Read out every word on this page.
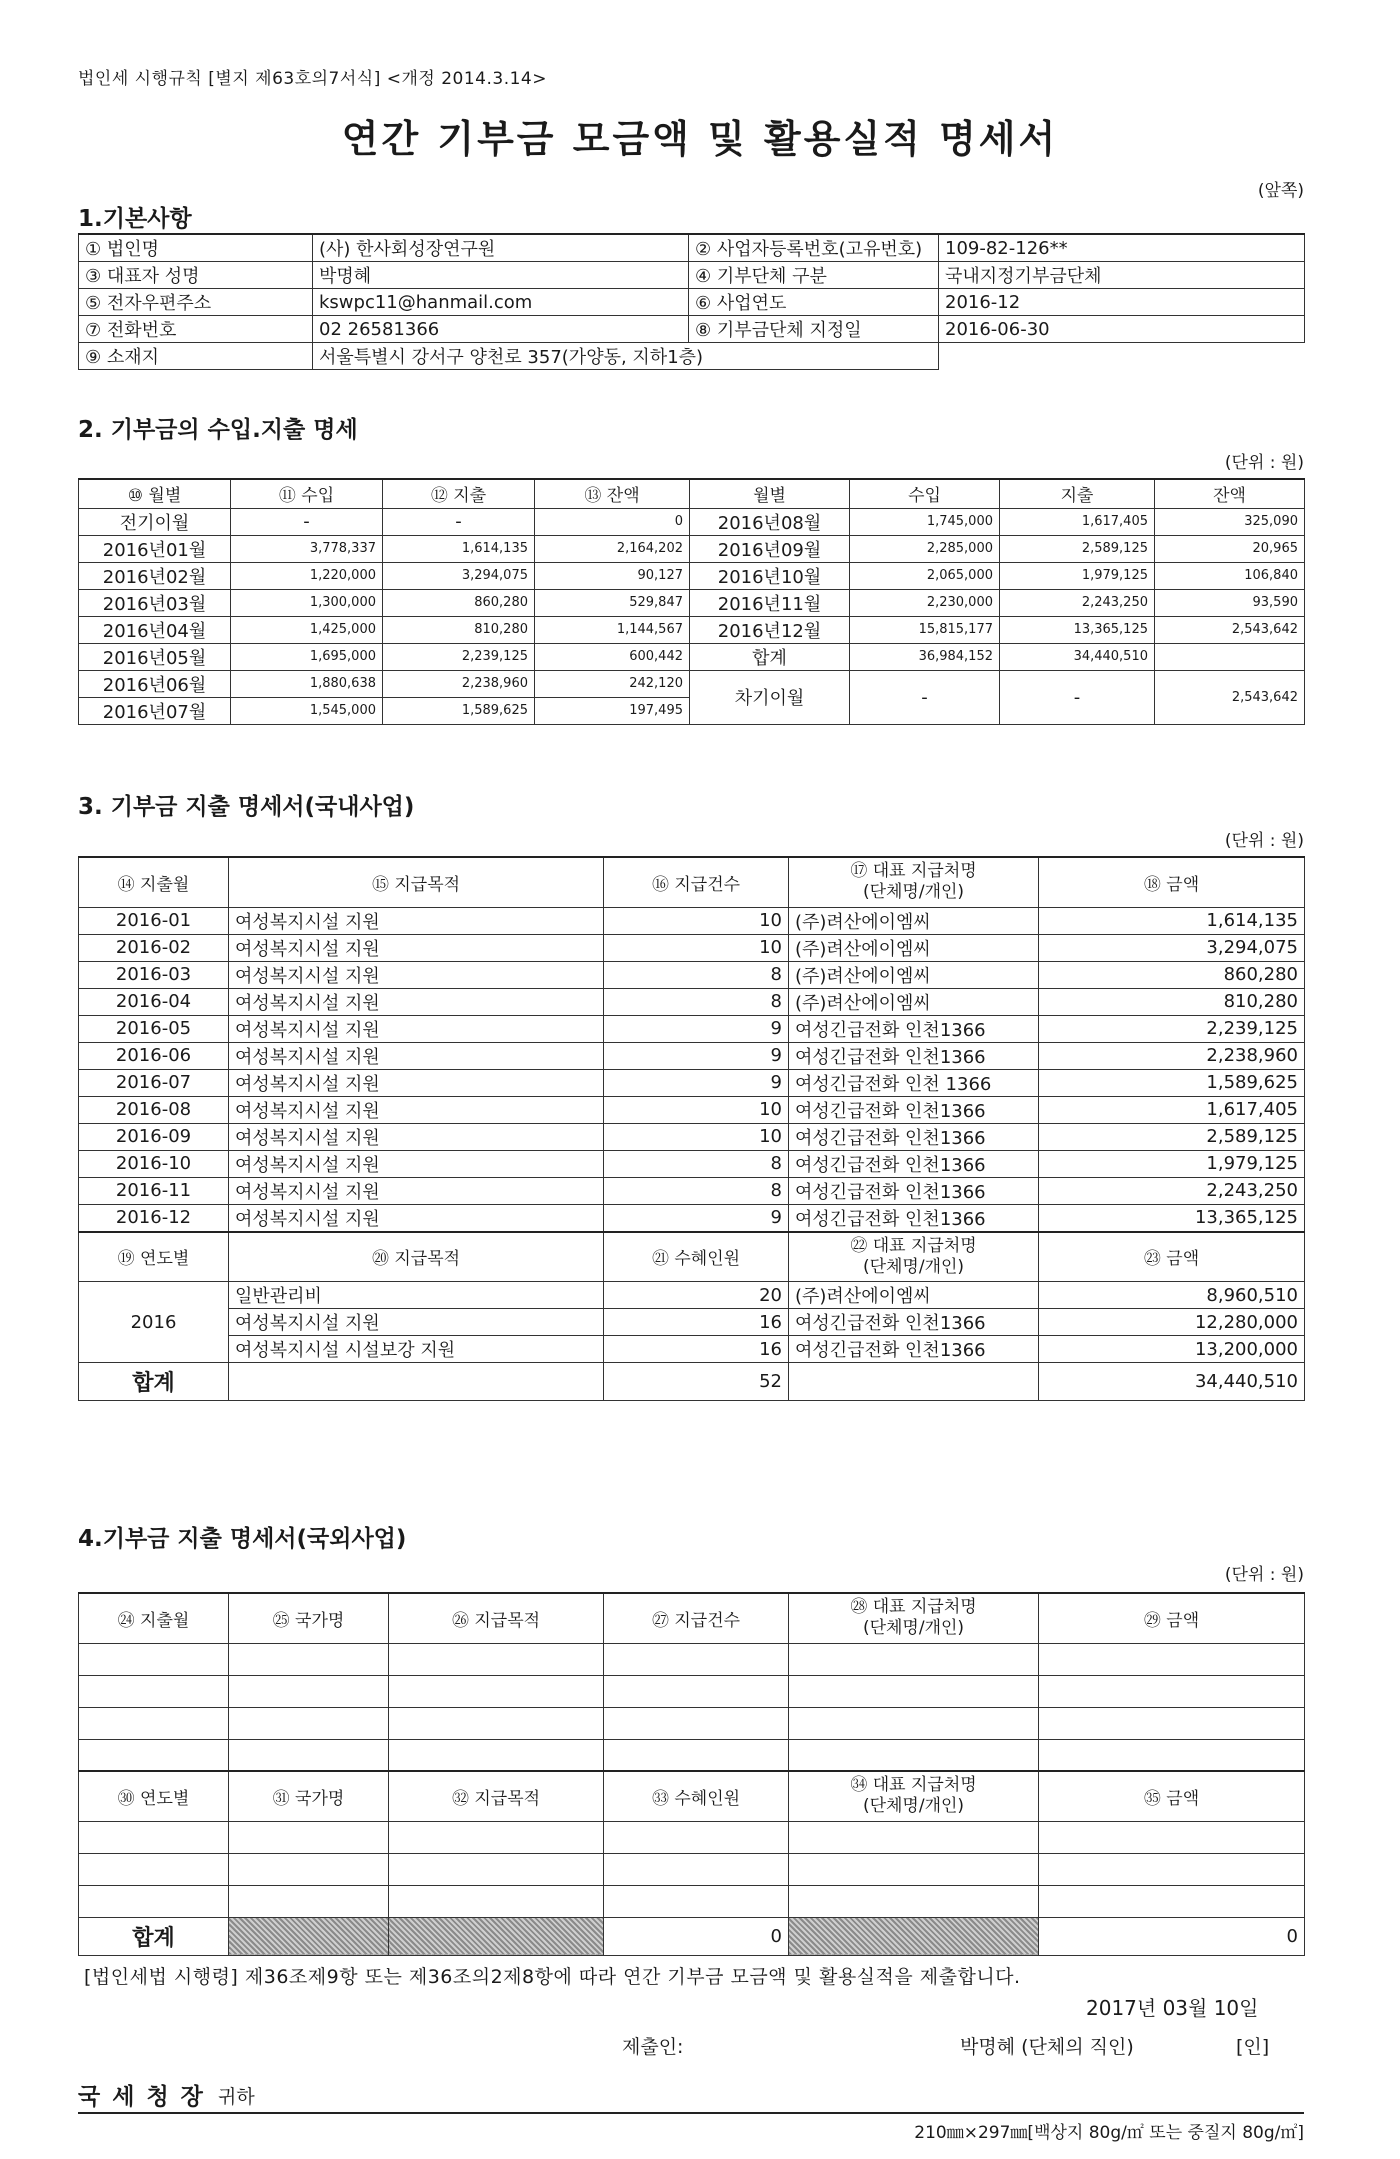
법인세 시행규칙 [별지 제63호의7서식] <개정 2014.3.14>
연간 기부금 모금액 및 활용실적 명세서
(앞쪽)
1.기본사항
① 법인명	(사) 한사회성장연구원	② 사업자등록번호(고유번호)	109-82-126**
③ 대표자 성명	박명혜	④ 기부단체 구분	국내지정기부금단체
⑤ 전자우편주소	kswpc11@hanmail.com	⑥ 사업연도	2016-12
⑦ 전화번호	02 26581366	⑧ 기부금단체 지정일	2016-06-30
⑨ 소재지	서울특별시 강서구 양천로 357(가양동, 지하1층)		
2. 기부금의 수입.지출 명세
(단위 : 원)
⑩ 월별	⑪ 수입	⑫ 지출	⑬ 잔액	월별	수입	지출	잔액
전기이월	-	-	0	2016년08월	1,745,000	1,617,405	325,090
2016년01월	3,778,337	1,614,135	2,164,202	2016년09월	2,285,000	2,589,125	20,965
2016년02월	1,220,000	3,294,075	90,127	2016년10월	2,065,000	1,979,125	106,840
2016년03월	1,300,000	860,280	529,847	2016년11월	2,230,000	2,243,250	93,590
2016년04월	1,425,000	810,280	1,144,567	2016년12월	15,815,177	13,365,125	2,543,642
2016년05월	1,695,000	2,239,125	600,442	합계	36,984,152	34,440,510	
2016년06월	1,880,638	2,238,960	242,120	차기이월	-	-	2,543,642
2016년07월	1,545,000	1,589,625	197,495				
3. 기부금 지출 명세서(국내사업)
(단위 : 원)
⑭ 지출월	⑮ 지급목적	⑯ 지급건수	⑰ 대표 지급처명
(단체명/개인)	⑱ 금액
2016-01	여성복지시설 지원	10	(주)려산에이엠씨	1,614,135
2016-02	여성복지시설 지원	10	(주)려산에이엠씨	3,294,075
2016-03	여성복지시설 지원	8	(주)려산에이엠씨	860,280
2016-04	여성복지시설 지원	8	(주)려산에이엠씨	810,280
2016-05	여성복지시설 지원	9	여성긴급전화 인천1366	2,239,125
2016-06	여성복지시설 지원	9	여성긴급전화 인천1366	2,238,960
2016-07	여성복지시설 지원	9	여성긴급전화 인천 1366	1,589,625
2016-08	여성복지시설 지원	10	여성긴급전화 인천1366	1,617,405
2016-09	여성복지시설 지원	10	여성긴급전화 인천1366	2,589,125
2016-10	여성복지시설 지원	8	여성긴급전화 인천1366	1,979,125
2016-11	여성복지시설 지원	8	여성긴급전화 인천1366	2,243,250
2016-12	여성복지시설 지원	9	여성긴급전화 인천1366	13,365,125
⑲ 연도별	⑳ 지급목적	㉑ 수혜인원	㉒ 대표 지급처명
(단체명/개인)	㉓ 금액
2016	일반관리비	20	(주)려산에이엠씨	8,960,510
	여성복지시설 지원	16	여성긴급전화 인천1366	12,280,000
	여성복지시설 시설보강 지원	16	여성긴급전화 인천1366	13,200,000
합계		52		34,440,510
4.기부금 지출 명세서(국외사업)
(단위 : 원)
㉔ 지출월	㉕ 국가명	㉖ 지급목적	㉗ 지급건수	㉘ 대표 지급처명
(단체명/개인)	㉙ 금액

㉚ 연도별	㉛ 국가명	㉜ 지급목적	㉝ 수혜인원	㉞ 대표 지급처명
(단체명/개인)	㉟ 금액

합계			0		0
[법인세법 시행령] 제36조제9항 또는 제36조의2제8항에 따라 연간 기부금 모금액 및 활용실적을 제출합니다.
2017년 03월 10일
제출인:	박명혜 (단체의 직인)	[인]
국 세 청 장 귀하
210㎜×297㎜[백상지 80g/㎡ 또는 중질지 80g/㎡]
